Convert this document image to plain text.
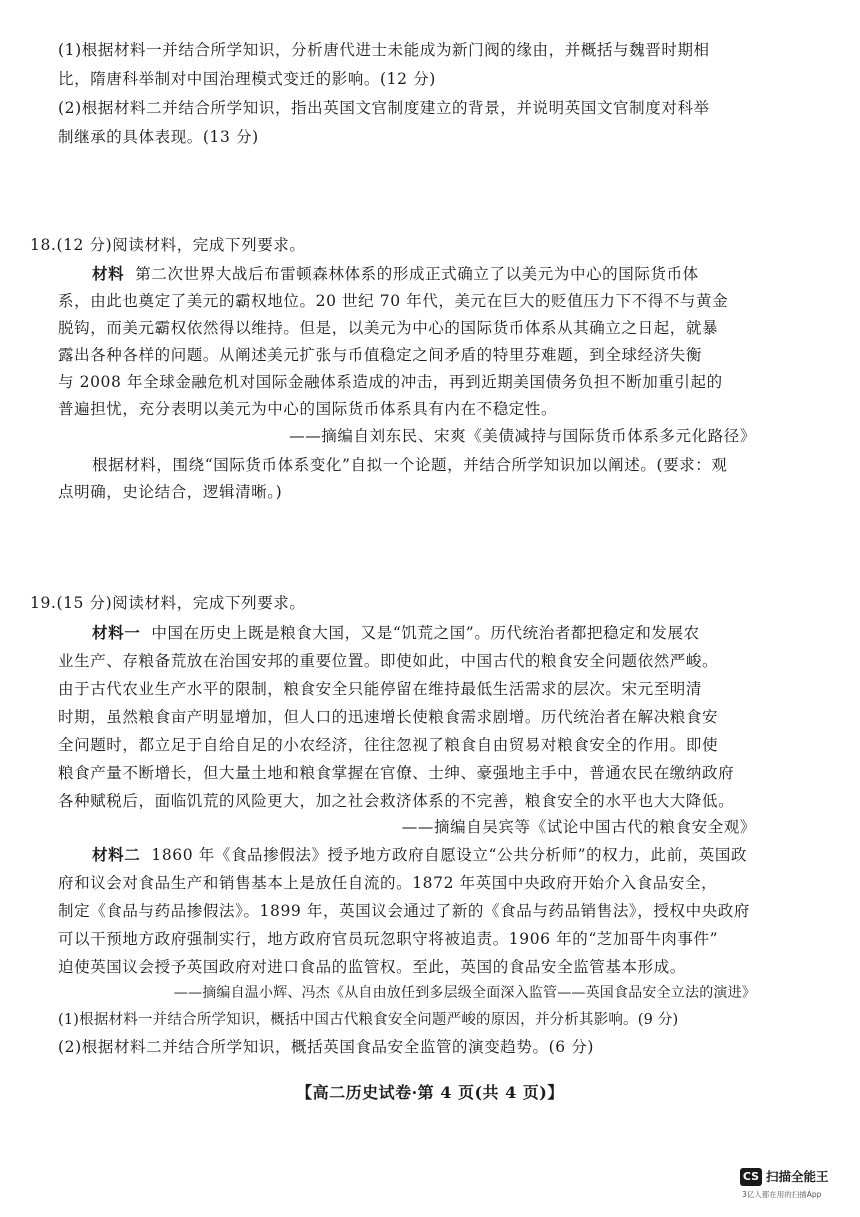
(1)根据材料一并结合所学知识，分析唐代进士未能成为新门阀的缘由，并概括与魏晋时期相
比，隋唐科举制对中国治理模式变迁的影响。(12 分)
(2)根据材料二并结合所学知识，指出英国文官制度建立的背景，并说明英国文官制度对科举
制继承的具体表现。(13 分)
18.(12 分)阅读材料，完成下列要求。
材料 第二次世界大战后布雷顿森林体系的形成正式确立了以美元为中心的国际货币体
系，由此也奠定了美元的霸权地位。20 世纪 70 年代，美元在巨大的贬值压力下不得不与黄金
脱钩，而美元霸权依然得以维持。但是，以美元为中心的国际货币体系从其确立之日起，就暴
露出各种各样的问题。从阐述美元扩张与币值稳定之间矛盾的特里芬难题，到全球经济失衡
与 2008 年全球金融危机对国际金融体系造成的冲击，再到近期美国债务负担不断加重引起的
普遍担忧，充分表明以美元为中心的国际货币体系具有内在不稳定性。
——摘编自刘东民、宋爽《美债减持与国际货币体系多元化路径》
根据材料，围绕“国际货币体系变化”自拟一个论题，并结合所学知识加以阐述。(要求：观
点明确，史论结合，逻辑清晰。)
19.(15 分)阅读材料，完成下列要求。
材料一 中国在历史上既是粮食大国，又是“饥荒之国”。历代统治者都把稳定和发展农
业生产、存粮备荒放在治国安邦的重要位置。即使如此，中国古代的粮食安全问题依然严峻。
由于古代农业生产水平的限制，粮食安全只能停留在维持最低生活需求的层次。宋元至明清
时期，虽然粮食亩产明显增加，但人口的迅速增长使粮食需求剧增。历代统治者在解决粮食安
全问题时，都立足于自给自足的小农经济，往往忽视了粮食自由贸易对粮食安全的作用。即使
粮食产量不断增长，但大量土地和粮食掌握在官僚、士绅、豪强地主手中，普通农民在缴纳政府
各种赋税后，面临饥荒的风险更大，加之社会救济体系的不完善，粮食安全的水平也大大降低。
——摘编自吴宾等《试论中国古代的粮食安全观》
材料二 1860 年《食品掺假法》授予地方政府自愿设立“公共分析师”的权力，此前，英国政
府和议会对食品生产和销售基本上是放任自流的。1872 年英国中央政府开始介入食品安全，
制定《食品与药品掺假法》。1899 年，英国议会通过了新的《食品与药品销售法》，授权中央政府
可以干预地方政府强制实行，地方政府官员玩忽职守将被追责。1906 年的“芝加哥牛肉事件”
迫使英国议会授予英国政府对进口食品的监管权。至此，英国的食品安全监管基本形成。
——摘编自温小辉、冯杰《从自由放任到多层级全面深入监管——英国食品安全立法的演进》
(1)根据材料一并结合所学知识，概括中国古代粮食安全问题严峻的原因，并分析其影响。(9 分)
(2)根据材料二并结合所学知识，概括英国食品安全监管的演变趋势。(6 分)
【高二历史试卷·第 4 页(共 4 页)】
CS 扫描全能王
3亿人都在用的扫描App
